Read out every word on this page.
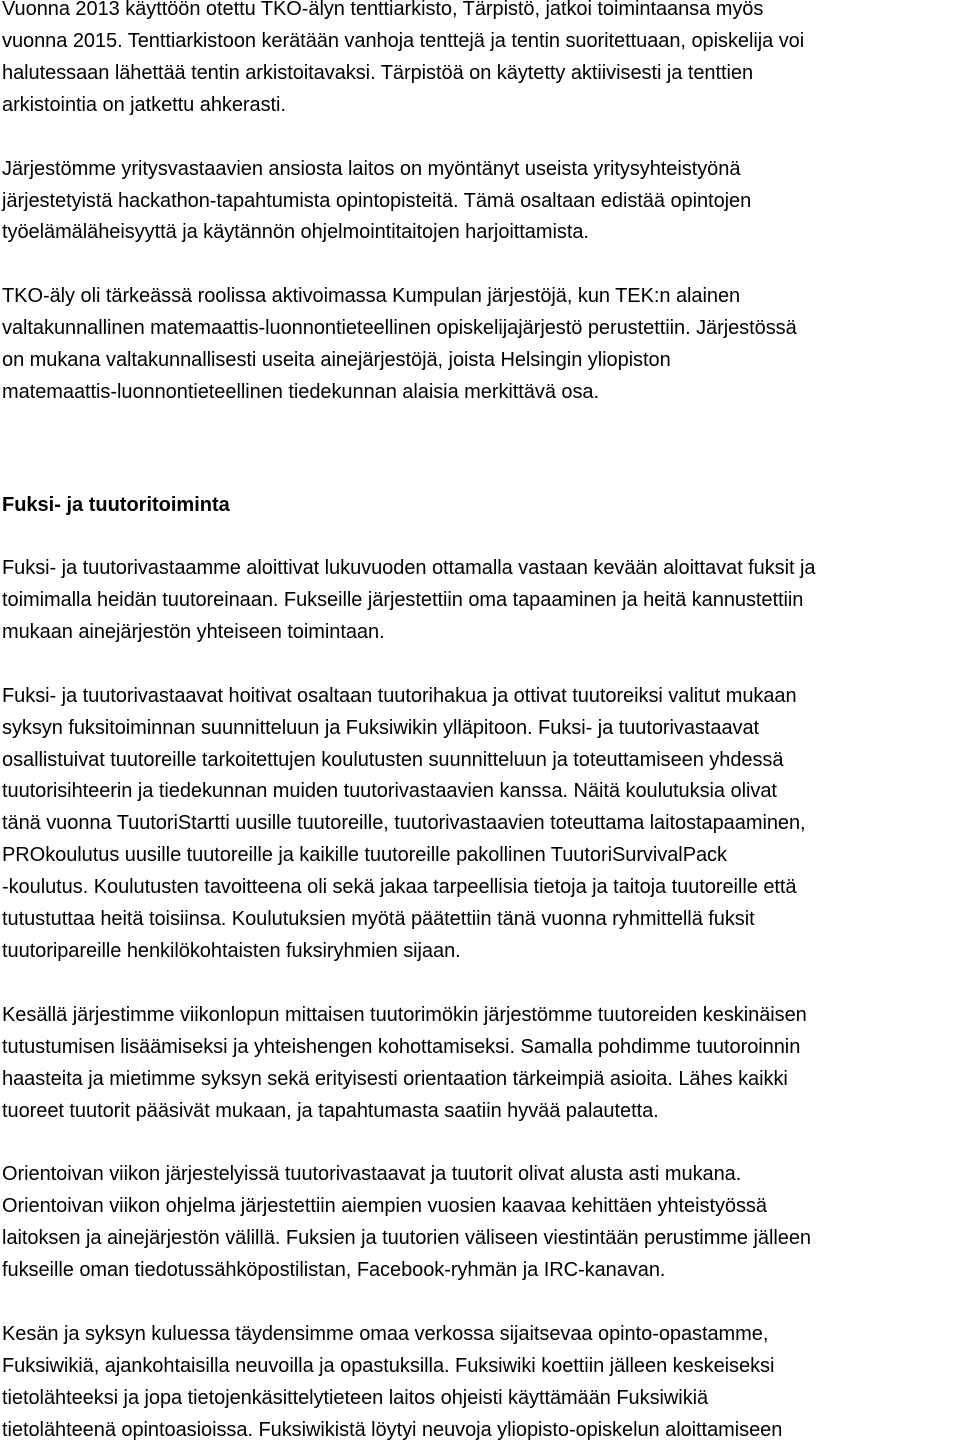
Vuonna 2013 käyttöön otettu TKO-älyn tenttiarkisto, Tärpistö, jatkoi toimintaansa myös
vuonna 2015. Tenttiarkistoon kerätään vanhoja tenttejä ja tentin suoritettuaan, opiskelija voi
halutessaan lähettää tentin arkistoitavaksi. Tärpistöä on käytetty aktiivisesti ja tenttien
arkistointia on jatkettu ahkerasti.

Järjestömme yritysvastaavien ansiosta laitos on myöntänyt useista yritysyhteistyönä
järjestetyistä hackathon-tapahtumista opintopisteitä. Tämä osaltaan edistää opintojen
työelämäläheisyyttä ja käytännön ohjelmointitaitojen harjoittamista.

TKO-äly oli tärkeässä roolissa aktivoimassa Kumpulan järjestöjä, kun TEK:n alainen
valtakunnallinen matemaattis-luonnontieteellinen opiskelijajärjestö perustettiin. Järjestössä
on mukana valtakunnallisesti useita ainejärjestöjä, joista Helsingin yliopiston
matemaattis-luonnontieteellinen tiedekunnan alaisia merkittävä osa.

Fuksi- ja tuutoritoiminta

Fuksi- ja tuutorivastaamme aloittivat lukuvuoden ottamalla vastaan kevään aloittavat fuksit ja
toimimalla heidän tuutoreinaan. Fukseille järjestettiin oma tapaaminen ja heitä kannustettiin
mukaan ainejärjestön yhteiseen toimintaan.

Fuksi- ja tuutorivastaavat hoitivat osaltaan tuutorihakua ja ottivat tuutoreiksi valitut mukaan
syksyn fuksitoiminnan suunnitteluun ja Fuksiwikin ylläpitoon. Fuksi- ja tuutorivastaavat
osallistuivat tuutoreille tarkoitettujen koulutusten suunnitteluun ja toteuttamiseen yhdessä
tuutorisihteerin ja tiedekunnan muiden tuutorivastaavien kanssa. Näitä koulutuksia olivat
tänä vuonna TuutoriStartti uusille tuutoreille, tuutorivastaavien toteuttama laitostapaaminen,
PROkoulutus uusille tuutoreille ja kaikille tuutoreille pakollinen TuutoriSurvivalPack
-koulutus. Koulutusten tavoitteena oli sekä jakaa tarpeellisia tietoja ja taitoja tuutoreille että
tutustuttaa heitä toisiinsa. Koulutuksien myötä päätettiin tänä vuonna ryhmittellä fuksit
tuutoripareille henkilökohtaisten fuksiryhmien sijaan.

Kesällä järjestimme viikonlopun mittaisen tuutorimökin järjestömme tuutoreiden keskinäisen
tutustumisen lisäämiseksi ja yhteishengen kohottamiseksi. Samalla pohdimme tuutoroinnin
haasteita ja mietimme syksyn sekä erityisesti orientaation tärkeimpiä asioita. Lähes kaikki
tuoreet tuutorit pääsivät mukaan, ja tapahtumasta saatiin hyvää palautetta.

Orientoivan viikon järjestelyissä tuutorivastaavat ja tuutorit olivat alusta asti mukana.
Orientoivan viikon ohjelma järjestettiin aiempien vuosien kaavaa kehittäen yhteistyössä
laitoksen ja ainejärjestön välillä. Fuksien ja tuutorien väliseen viestintään perustimme jälleen
fukseille oman tiedotussähköpostilistan, Facebook-ryhmän ja IRC-kanavan.

Kesän ja syksyn kuluessa täydensimme omaa verkossa sijaitsevaa opinto-opastamme,
Fuksiwikiä, ajankohtaisilla neuvoilla ja opastuksilla. Fuksiwiki koettiin jälleen keskeiseksi
tietolähteeksi ja jopa tietojenkäsittelytieteen laitos ohjeisti käyttämään Fuksiwikiä
tietolähteenä opintoasioissa. Fuksiwikistä löytyi neuvoja yliopisto-opiskelun aloittamiseen
